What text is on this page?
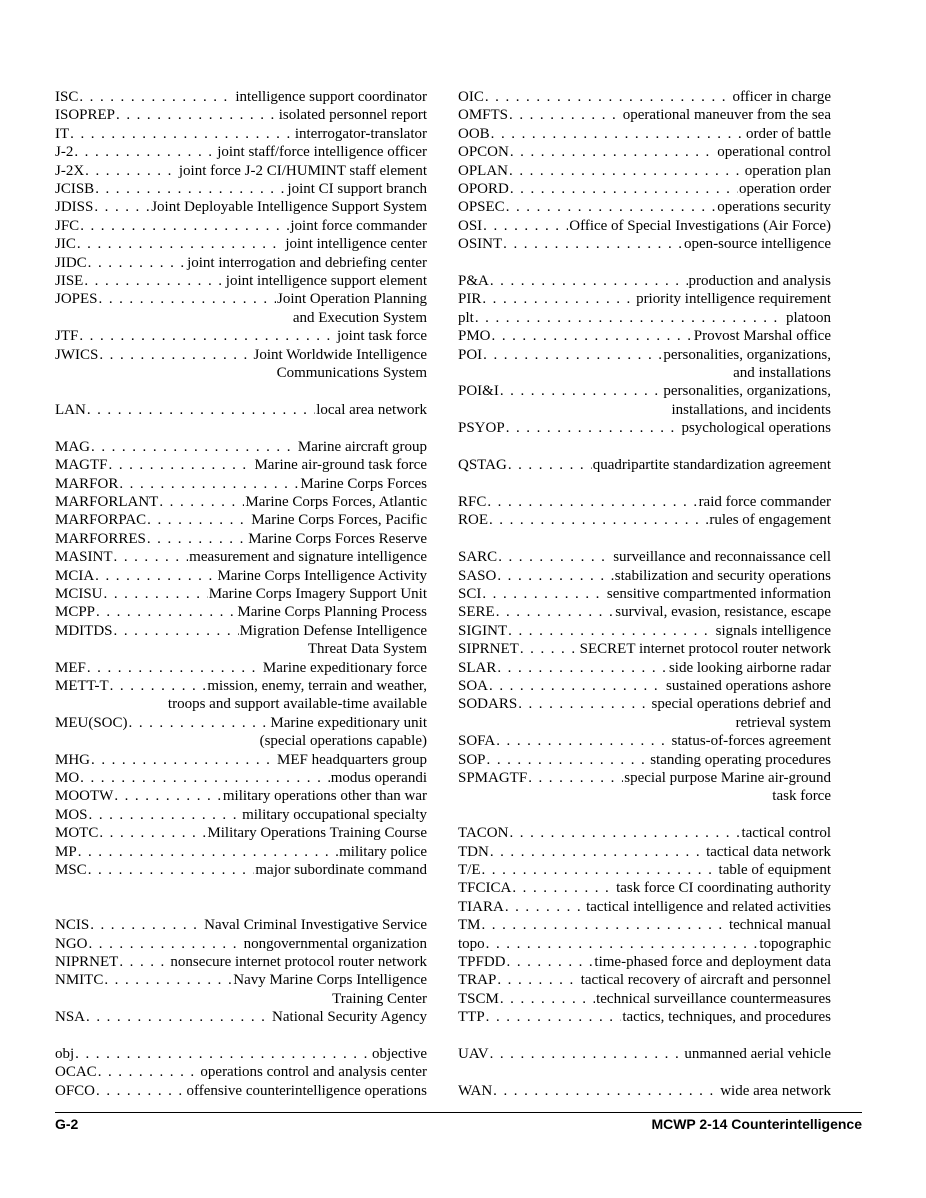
ISC . . .	intelligence support coordinator
ISOPREP . . .	isolated personnel report
IT . . .	interrogator-translator
J-2 . . .	joint staff/force intelligence officer
J-2X . . .	joint force J-2 CI/HUMINT staff element
JCISB . . .	joint CI support branch
JDISS . . .	Joint Deployable Intelligence Support System
JFC . . .	joint force commander
JIC . . .	joint intelligence center
JIDC . . .	joint interrogation and debriefing center
JISE . . .	joint intelligence support element
JOPES . . .	Joint Operation Planning
and Execution System
JTF . . .	joint task force
JWICS . . .	Joint Worldwide Intelligence
Communications System
LAN . . .	local area network
MAG . . .	Marine aircraft group
MAGTF . . .	Marine air-ground task force
MARFOR . . .	Marine Corps Forces
MARFORLANT . . .	Marine Corps Forces, Atlantic
MARFORPAC . . .	Marine Corps Forces, Pacific
MARFORRES . . .	Marine Corps Forces Reserve
MASINT . . .	measurement and signature intelligence
MCIA . . .	Marine Corps Intelligence Activity
MCISU . . .	Marine Corps Imagery Support Unit
MCPP . . .	Marine Corps Planning Process
MDITDS . . .	Migration Defense Intelligence
Threat Data System
MEF . . .	Marine expeditionary force
METT-T . . .	mission, enemy, terrain and weather,
troops and support available-time available
MEU(SOC) . . .	Marine expeditionary unit
(special operations capable)
MHG . . .	MEF headquarters group
MO . . .	modus operandi
MOOTW . . .	military operations other than war
MOS . . .	military occupational specialty
MOTC . . .	Military Operations Training Course
MP . . .	military police
MSC . . .	major subordinate command
NCIS . . .	Naval Criminal Investigative Service
NGO . . .	nongovernmental organization
NIPRNET . . .	nonsecure internet protocol router network
NMITC . . .	Navy Marine Corps Intelligence
Training Center
NSA . . .	National Security Agency
obj . . .	objective
OCAC . . .	operations control and analysis center
OFCO . . .	offensive counterintelligence operations
OIC . . .	officer in charge
OMFTS . . .	operational maneuver from the sea
OOB . . .	order of battle
OPCON . . .	operational control
OPLAN . . .	operation plan
OPORD . . .	operation order
OPSEC . . .	operations security
OSI . . .	Office of Special Investigations (Air Force)
OSINT . . .	open-source intelligence
P&A . . .	production and analysis
PIR . . .	priority intelligence requirement
plt . . .	platoon
PMO . . .	Provost Marshal office
POI . . .	personalities, organizations,
and installations
POI&I . . .	personalities, organizations,
installations, and incidents
PSYOP . . .	psychological operations
QSTAG . . .	quadripartite standardization agreement
RFC . . .	raid force commander
ROE . . .	rules of engagement
SARC . . .	surveillance and reconnaissance cell
SASO . . .	stabilization and security operations
SCI . . .	sensitive compartmented information
SERE . . .	survival, evasion, resistance, escape
SIGINT . . .	signals intelligence
SIPRNET . . .	SECRET internet protocol router network
SLAR . . .	side looking airborne radar
SOA . . .	sustained operations ashore
SODARS . . .	special operations debrief and
retrieval system
SOFA . . .	status-of-forces agreement
SOP . . .	standing operating procedures
SPMAGTF . . .	special purpose Marine air-ground
task force
TACON . . .	tactical control
TDN . . .	tactical data network
T/E . . .	table of equipment
TFCICA . . .	task force CI coordinating authority
TIARA . . .	tactical intelligence and related activities
TM . . .	technical manual
topo . . .	topographic
TPFDD . . .	time-phased force and deployment data
TRAP . . .	tactical recovery of aircraft and personnel
TSCM . . .	technical surveillance countermeasures
TTP . . .	tactics, techniques, and procedures
UAV . . .	unmanned aerial vehicle
WAN . . .	wide area network
G-2	MCWP 2-14 Counterintelligence
